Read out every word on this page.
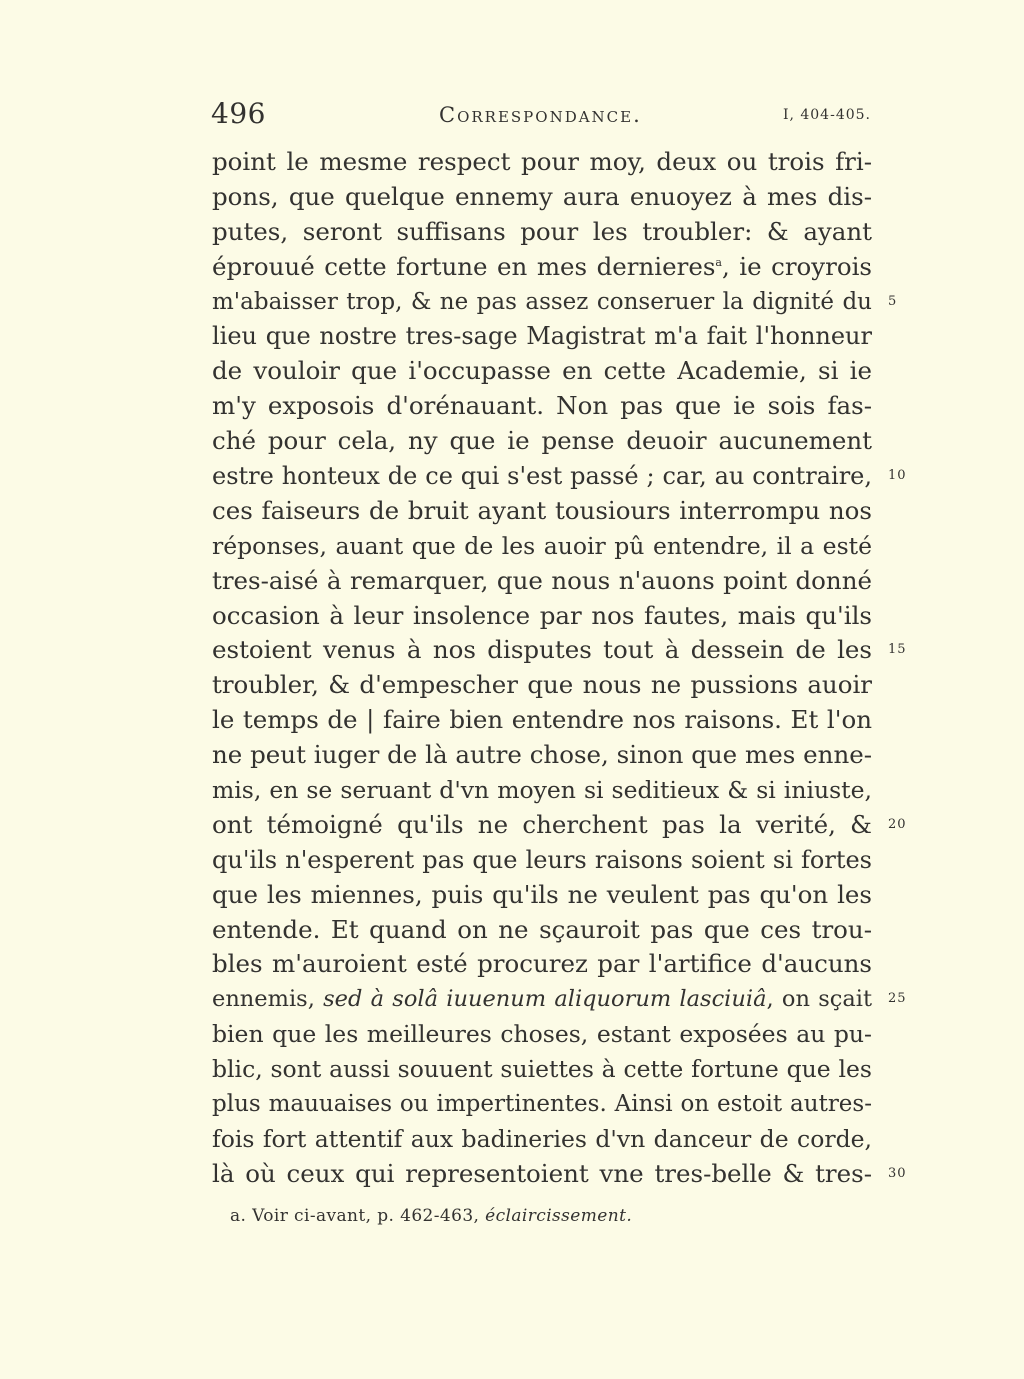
496	Correspondance.	I, 404-405.
point le mesme respect pour moy, deux ou trois fri-
pons, que quelque ennemy aura enuoyez à mes dis-
putes, seront suffisans pour les troubler: & ayant
éprouué cette fortune en mes dernieres$^a$, ie croyrois
m'abaisser trop, & ne pas assez conseruer la dignité du
lieu que nostre tres-sage Magistrat m'a fait l'honneur
de vouloir que i'occupasse en cette Academie, si ie
m'y exposois d'orénauant. Non pas que ie sois fas-
ché pour cela, ny que ie pense deuoir aucunement
estre honteux de ce qui s'est passé ; car, au contraire,
ces faiseurs de bruit ayant tousiours interrompu nos
réponses, auant que de les auoir pû entendre, il a esté
tres-aisé à remarquer, que nous n'auons point donné
occasion à leur insolence par nos fautes, mais qu'ils
estoient venus à nos disputes tout à dessein de les
troubler, & d'empescher que nous ne pussions auoir
le temps de | faire bien entendre nos raisons. Et l'on
ne peut iuger de là autre chose, sinon que mes enne-
mis, en se seruant d'vn moyen si seditieux & si iniuste,
ont témoigné qu'ils ne cherchent pas la verité, &
qu'ils n'esperent pas que leurs raisons soient si fortes
que les miennes, puis qu'ils ne veulent pas qu'on les
entende. Et quand on ne sçauroit pas que ces trou-
bles m'auroient esté procurez par l'artifice d'aucuns
ennemis, sed à solâ iuuenum aliquorum lasciuiâ, on sçait
bien que les meilleures choses, estant exposées au pu-
blic, sont aussi souuent suiettes à cette fortune que les
plus mauuaises ou impertinentes. Ainsi on estoit autres-
fois fort attentif aux badineries d'vn danceur de corde,
là où ceux qui representoient vne tres-belle & tres-
5
10
15
20
25
30
a. Voir ci-avant, p. 462-463, éclaircissement.
